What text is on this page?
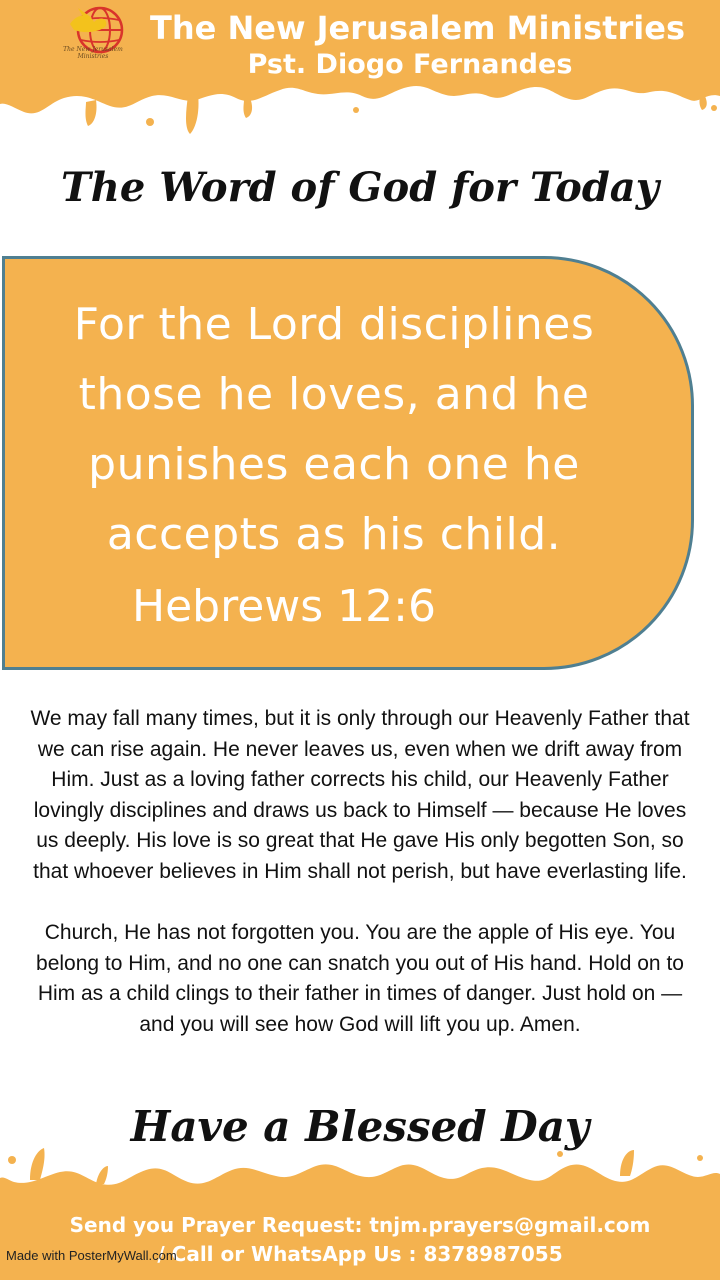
The New Jerusalem Ministries
The New Jerusalem Ministries
Pst. Diogo Fernandes
The Word of God for Today
For the Lord disciplines
those he loves, and he
punishes each one he
accepts as his child.
Hebrews 12:6
We may fall many times, but it is only through our Heavenly Father that we can rise again. He never leaves us, even when we drift away from Him. Just as a loving father corrects his child, our Heavenly Father lovingly disciplines and draws us back to Himself — because He loves us deeply. His love is so great that He gave His only begotten Son, so that whoever believes in Him shall not perish, but have everlasting life.
Church, He has not forgotten you. You are the apple of His eye. You belong to Him, and no one can snatch you out of His hand. Hold on to Him as a child clings to their father in times of danger. Just hold on — and you will see how God will lift you up. Amen.
Have a Blessed Day
Send you Prayer Request: tnjm.prayers@gmail.com
/ Call or WhatsApp Us : 8378987055
Made with PosterMyWall.com
